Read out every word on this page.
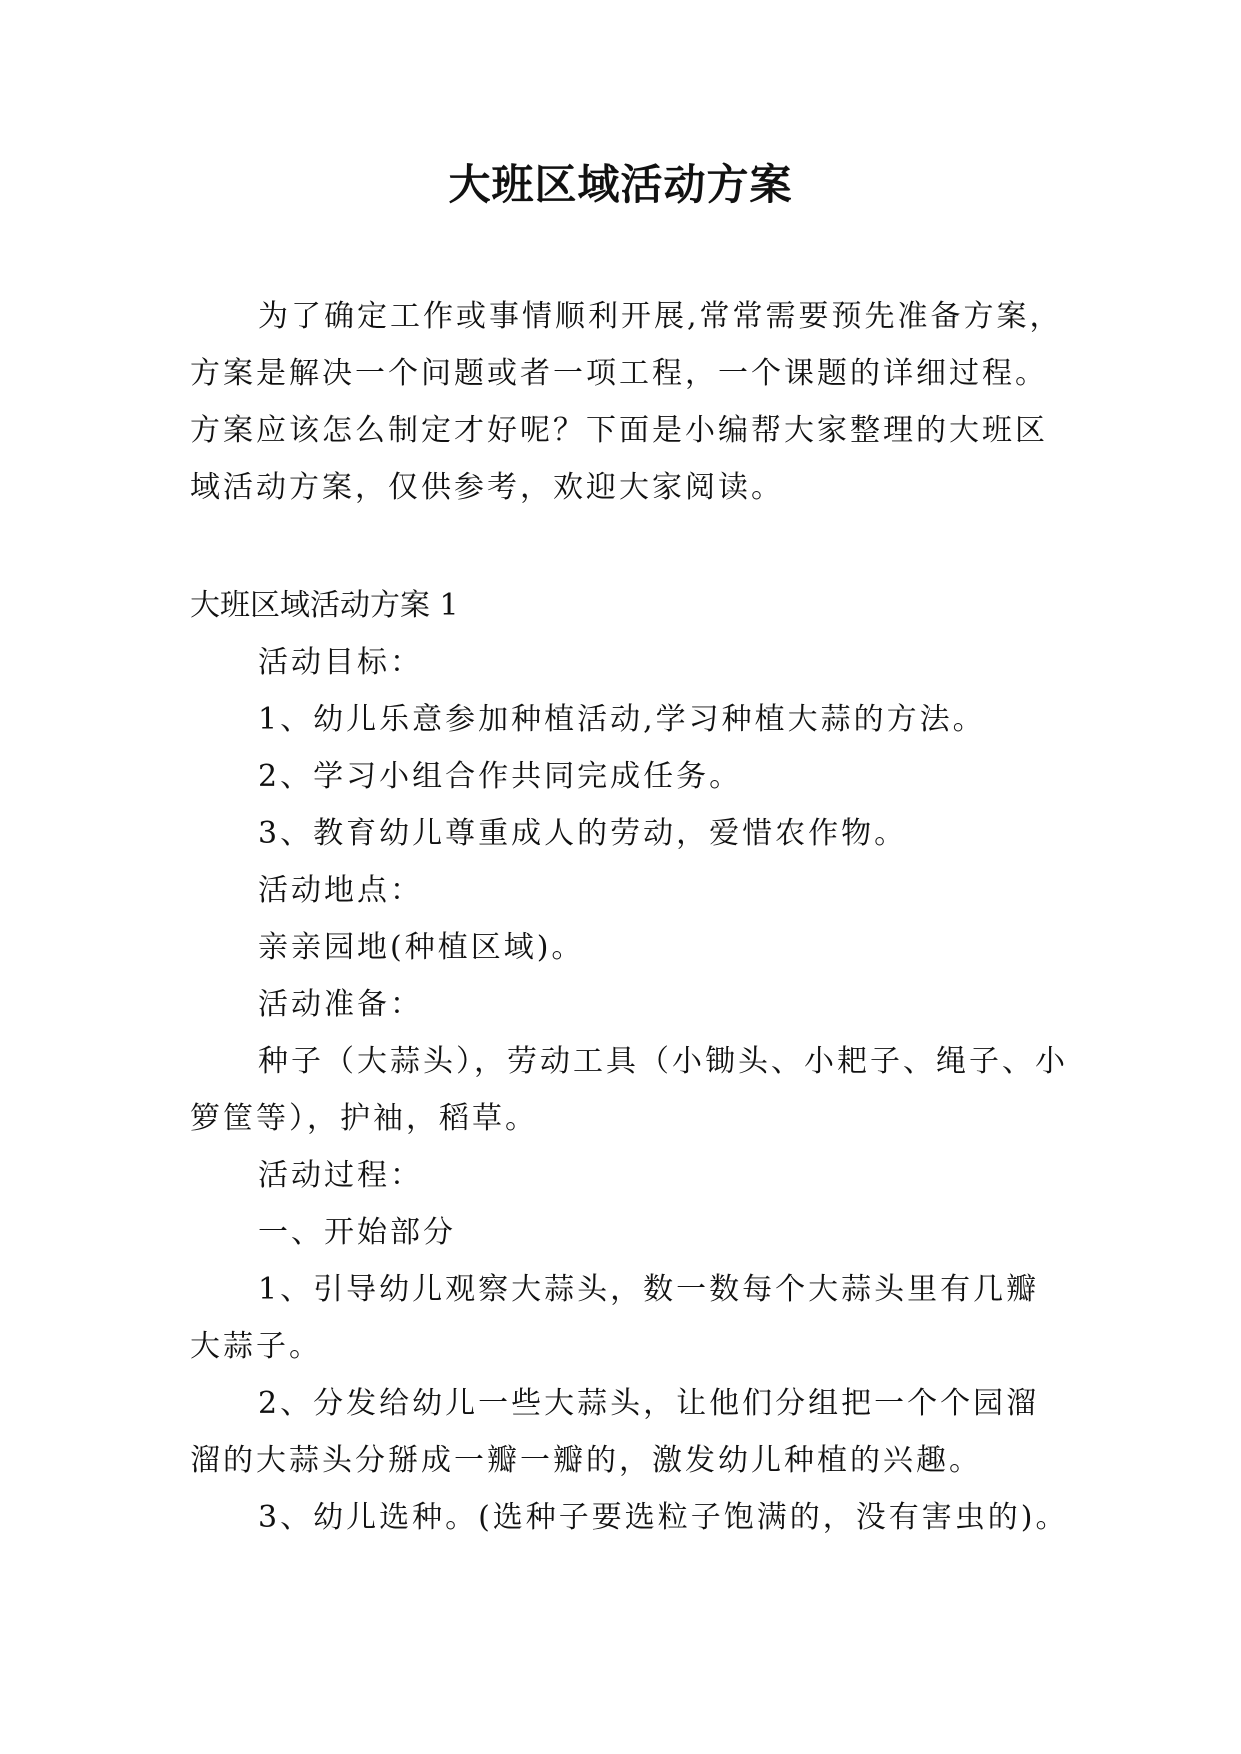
大班区域活动方案

为了确定工作或事情顺利开展,常常需要预先准备方案，方案是解决一个问题或者一项工程，一个课题的详细过程。方案应该怎么制定才好呢？下面是小编帮大家整理的大班区域活动方案，仅供参考，欢迎大家阅读。

大班区域活动方案 1

活动目标：

1、幼儿乐意参加种植活动,学习种植大蒜的方法。

2、学习小组合作共同完成任务。

3、教育幼儿尊重成人的劳动，爱惜农作物。

活动地点：

亲亲园地(种植区域)。

活动准备：

种子（大蒜头），劳动工具（小锄头、小耙子、绳子、小箩筐等），护袖，稻草。

活动过程：

一、开始部分

1、引导幼儿观察大蒜头，数一数每个大蒜头里有几瓣大蒜子。

2、分发给幼儿一些大蒜头，让他们分组把一个个园溜溜的大蒜头分掰成一瓣一瓣的，激发幼儿种植的兴趣。

3、幼儿选种。(选种子要选粒子饱满的，没有害虫的)。
